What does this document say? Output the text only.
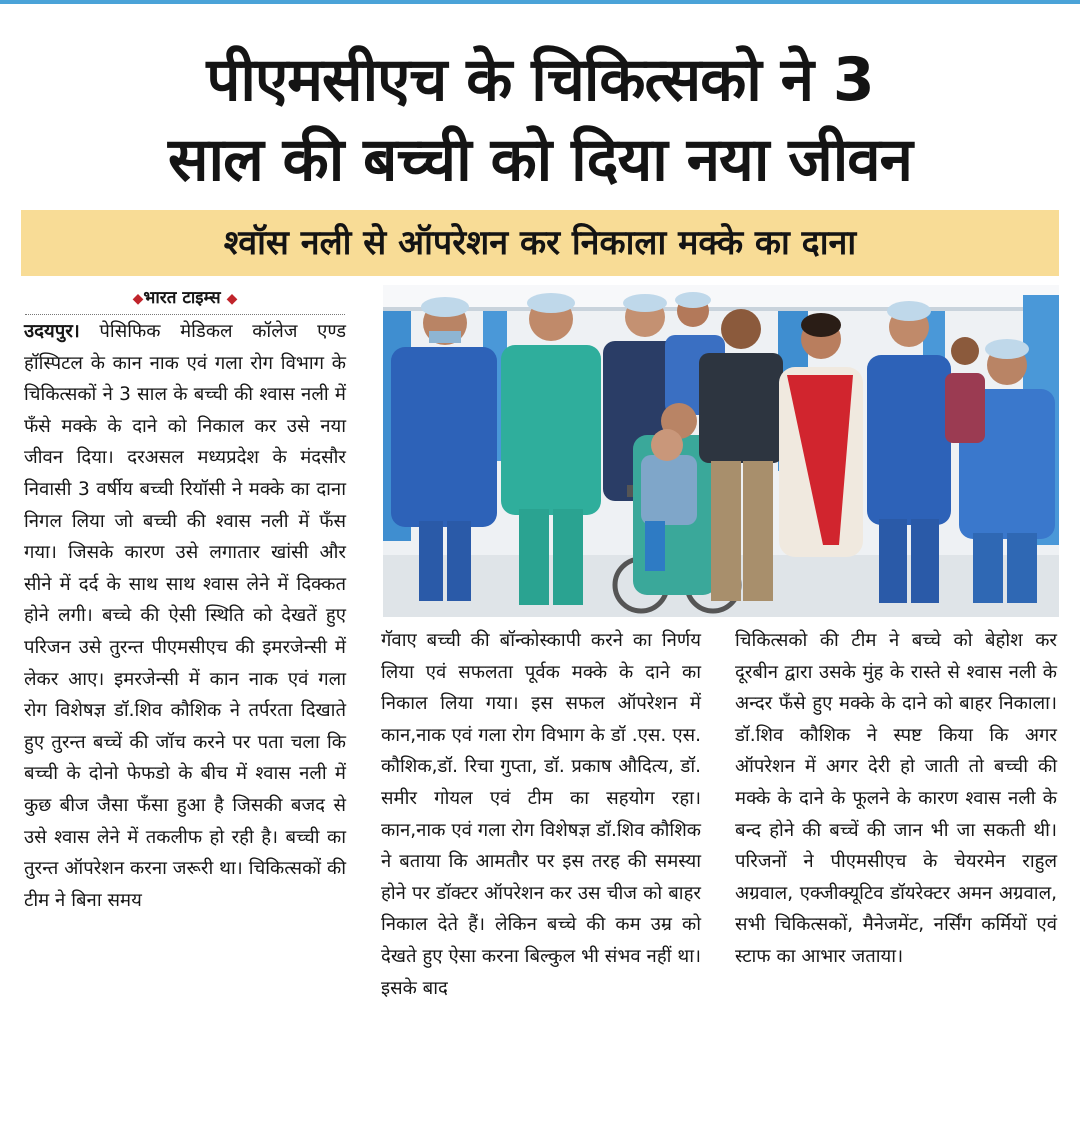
पीएमसीएच के चिकित्सको ने 3
साल की बच्ची को दिया नया जीवन
श्वॉस नली से ऑपरेशन कर निकाला मक्के का दाना
◆भारत टाइम्स ◆
उदयपुर। पेसिफिक मेडिकल कॉलेज एण्ड हॉस्पिटल के कान नाक एवं गला रोग विभाग के चिकित्सकों ने 3 साल के बच्ची की श्वास नली में फँसे मक्के के दाने को निकाल कर उसे नया जीवन दिया। दरअसल मध्यप्रदेश के मंदसौर निवासी 3 वर्षीय बच्ची रियॉसी ने मक्के का दाना निगल लिया जो बच्ची की श्वास नली में फँस गया। जिसके कारण उसे लगातार खांसी और सीने में दर्द के साथ साथ श्वास लेने में दिक्कत होने लगी। बच्चे की ऐसी स्थिति को देखतें हुए परिजन उसे तुरन्त पीएमसीएच की इमरजेन्सी में लेकर आए। इमरजेन्सी में कान नाक एवं गला रोग विशेषज्ञ डॉ.शिव कौशिक ने तर्परता दिखाते हुए तुरन्त बच्चें की जॉच करने पर पता चला कि बच्ची के दोनो फेफडो के बीच में श्वास नली में कुछ बीज जैसा फँसा हुआ है जिसकी बजद से उसे श्वास लेने में तकलीफ हो रही है। बच्ची का तुरन्त ऑपरेशन करना जरूरी था। चिकित्सकों की टीम ने बिना समय
गॅवाए बच्ची की बॉन्कोस्कापी करने का निर्णय लिया एवं सफलता पूर्वक मक्के के दाने का निकाल लिया गया। इस सफल ऑपरेशन में कान,नाक एवं गला रोग विभाग के डॉ .एस. एस. कौशिक,डॉ. रिचा गुप्ता, डॉ. प्रकाष औदित्य, डॉ. समीर गोयल एवं टीम का सहयोग रहा। कान,नाक एवं गला रोग विशेषज्ञ डॉ.शिव कौशिक ने बताया कि आमतौर पर इस तरह की समस्या होने पर डॉक्टर ऑपरेशन कर उस चीज को बाहर निकाल देते हैं। लेकिन बच्चे की कम उम्र को देखते हुए ऐसा करना बिल्कुल भी संभव नहीं था। इसके बाद
चिकित्सको की टीम ने बच्चे को बेहोश कर दूरबीन द्वारा उसके मुंह के रास्ते से श्वास नली के अन्दर फँसे हुए मक्के के दाने को बाहर निकाला। डॉ.शिव कौशिक ने स्पष्ट किया कि अगर ऑपरेशन में अगर देरी हो जाती तो बच्ची की मक्के के दाने के फूलने के कारण श्वास नली के बन्द होने की बच्चें की जान भी जा सकती थी। परिजनों ने पीएमसीएच के चेयरमेन राहुल अग्रवाल, एक्जीक्यूटिव डॉयरेक्टर अमन अग्रवाल, सभी चिकित्सकों, मैनेजमेंट, नर्सिंग कर्मियों एवं स्टाफ का आभार जताया।
